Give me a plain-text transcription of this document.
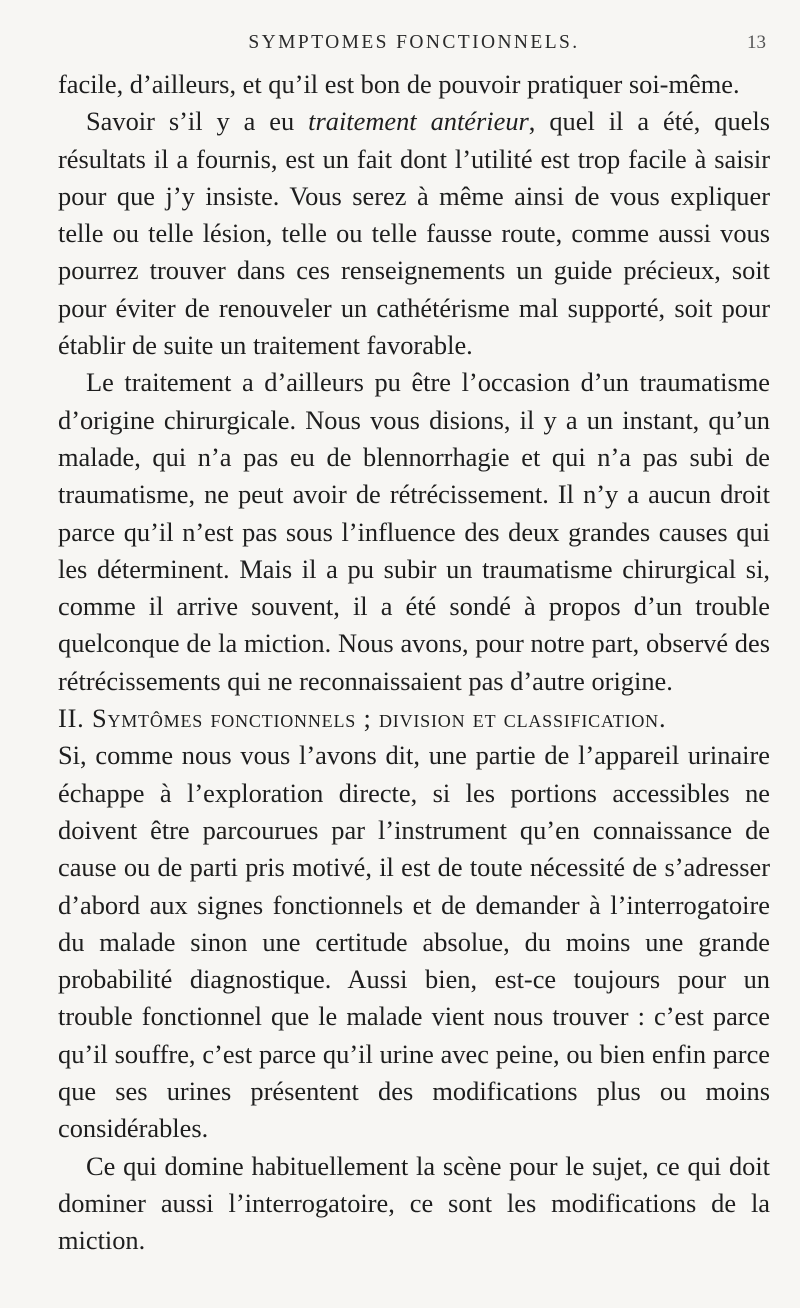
SYMPTOMES FONCTIONNELS.	13

facile, d’ailleurs, et qu’il est bon de pouvoir pratiquer soi-même.

Savoir s’il y a eu traitement antérieur, quel il a été, quels résultats il a fournis, est un fait dont l’utilité est trop facile à saisir pour que j’y insiste. Vous serez à même ainsi de vous expliquer telle ou telle lésion, telle ou telle fausse route, comme aussi vous pourrez trouver dans ces renseignements un guide précieux, soit pour éviter de renouveler un cathétérisme mal supporté, soit pour établir de suite un traitement favorable.

Le traitement a d’ailleurs pu être l’occasion d’un traumatisme d’origine chirurgicale. Nous vous disions, il y a un instant, qu’un malade, qui n’a pas eu de blennorrhagie et qui n’a pas subi de traumatisme, ne peut avoir de rétrécissement. Il n’y a aucun droit parce qu’il n’est pas sous l’influence des deux grandes causes qui les déterminent. Mais il a pu subir un traumatisme chirurgical si, comme il arrive souvent, il a été sondé à propos d’un trouble quelconque de la miction. Nous avons, pour notre part, observé des rétrécissements qui ne reconnaissaient pas d’autre origine.

II. Symtômes fonctionnels ; division et classification.

Si, comme nous vous l’avons dit, une partie de l’appareil urinaire échappe à l’exploration directe, si les portions accessibles ne doivent être parcourues par l’instrument qu’en connaissance de cause ou de parti pris motivé, il est de toute nécessité de s’adresser d’abord aux signes fonctionnels et de demander à l’interrogatoire du malade sinon une certitude absolue, du moins une grande probabilité diagnostique. Aussi bien, est-ce toujours pour un trouble fonctionnel que le malade vient nous trouver : c’est parce qu’il souffre, c’est parce qu’il urine avec peine, ou bien enfin parce que ses urines présentent des modifications plus ou moins considérables.

Ce qui domine habituellement la scène pour le sujet, ce qui doit dominer aussi l’interrogatoire, ce sont les modifications de la miction.
